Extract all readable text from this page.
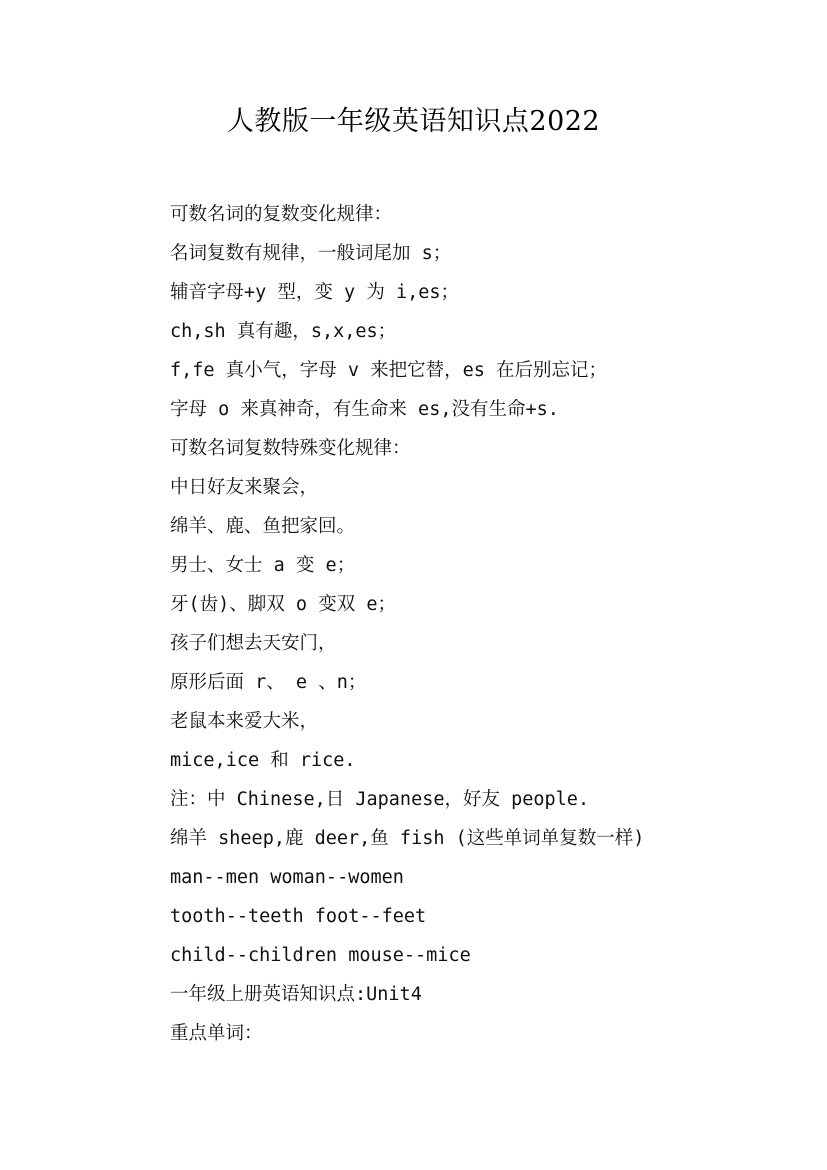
人教版一年级英语知识点2022
可数名词的复数变化规律：
名词复数有规律，一般词尾加 s；
辅音字母+y 型，变 y 为 i,es；
ch,sh 真有趣，s,x,es；
f,fe 真小气，字母 v 来把它替，es 在后别忘记；
字母 o 来真神奇，有生命来 es,没有生命+s.
可数名词复数特殊变化规律：
中日好友来聚会，
绵羊、鹿、鱼把家回。
男士、女士 a 变 e；
牙(齿)、脚双 o 变双 e；
孩子们想去天安门，
原形后面 r、 e 、n；
老鼠本来爱大米，
mice,ice 和 rice.
注：中 Chinese,日 Japanese，好友 people.
绵羊 sheep,鹿 deer,鱼 fish (这些单词单复数一样)
man--men woman--women
tooth--teeth foot--feet
child--children mouse--mice
一年级上册英语知识点:Unit4
重点单词：
